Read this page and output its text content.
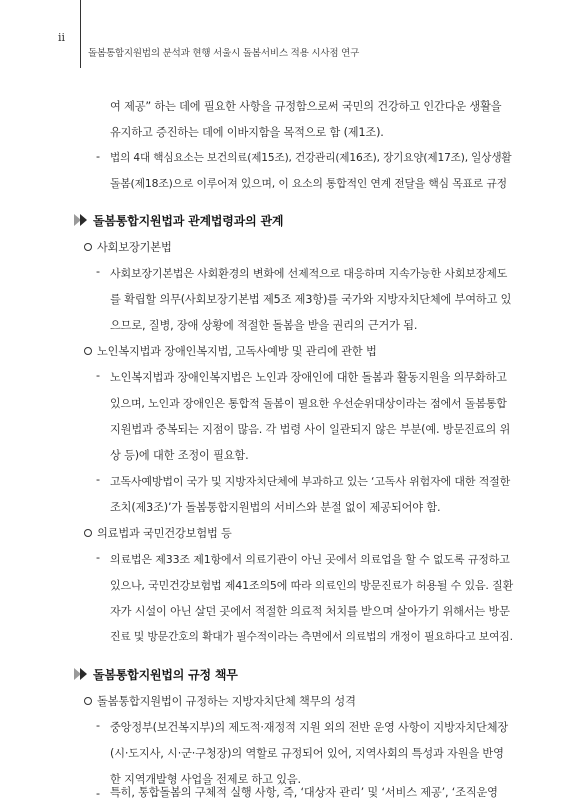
ii
돌봄통합지원법의 분석과 현행 서울시 돌봄서비스 적용 시사점 연구
여 제공” 하는 데에 필요한 사항을 규정함으로써 국민의 건강하고 인간다운 생활을
유지하고 증진하는 데에 이바지함을 목적으로 함 (제1조).
- 법의 4대 핵심요소는 보건의료(제15조), 건강관리(제16조), 장기요양(제17조), 일상생활
돌봄(제18조)으로 이루어져 있으며, 이 요소의 통합적인 연계 전달을 핵심 목표로 규정
돌봄통합지원법과 관계법령과의 관계
사회보장기본법
- 사회보장기본법은 사회환경의 변화에 선제적으로 대응하며 지속가능한 사회보장제도
를 확립할 의무(사회보장기본법 제5조 제3항)를 국가와 지방자치단체에 부여하고 있
으므로, 질병, 장애 상황에 적절한 돌봄을 받을 권리의 근거가 됨.
노인복지법과 장애인복지법, 고독사예방 및 관리에 관한 법
- 노인복지법과 장애인복지법은 노인과 장애인에 대한 돌봄과 활동지원을 의무화하고
있으며, 노인과 장애인은 통합적 돌봄이 필요한 우선순위대상이라는 점에서 돌봄통합
지원법과 중복되는 지점이 많음. 각 법령 사이 일관되지 않은 부분(예. 방문진료의 위
상 등)에 대한 조정이 필요함.
- 고독사예방법이 국가 및 지방자치단체에 부과하고 있는 ‘고독사 위험자에 대한 적절한
조치(제3조)’가 돌봄통합지원법의 서비스와 분절 없이 제공되어야 함.
의료법과 국민건강보험법 등
- 의료법은 제33조 제1항에서 의료기관이 아닌 곳에서 의료업을 할 수 없도록 규정하고
있으나, 국민건강보험법 제41조의5에 따라 의료인의 방문진료가 허용될 수 있음. 질환
자가 시설이 아닌 살던 곳에서 적절한 의료적 처치를 받으며 살아가기 위해서는 방문
진료 및 방문간호의 확대가 필수적이라는 측면에서 의료법의 개정이 필요하다고 보여짐.
돌봄통합지원법의 규정 책무
돌봄통합지원법이 규정하는 지방자치단체 책무의 성격
- 중앙정부(보건복지부)의 제도적·재정적 지원 외의 전반 운영 사항이 지방자치단체장
(시·도지사, 시·군·구청장)의 역할로 규정되어 있어, 지역사회의 특성과 자원을 반영
한 지역개발형 사업을 전제로 하고 있음.
- 특히, 통합돌봄의 구체적 실행 사항, 즉, ‘대상자 관리’ 및 ‘서비스 제공’, ‘조직운영
